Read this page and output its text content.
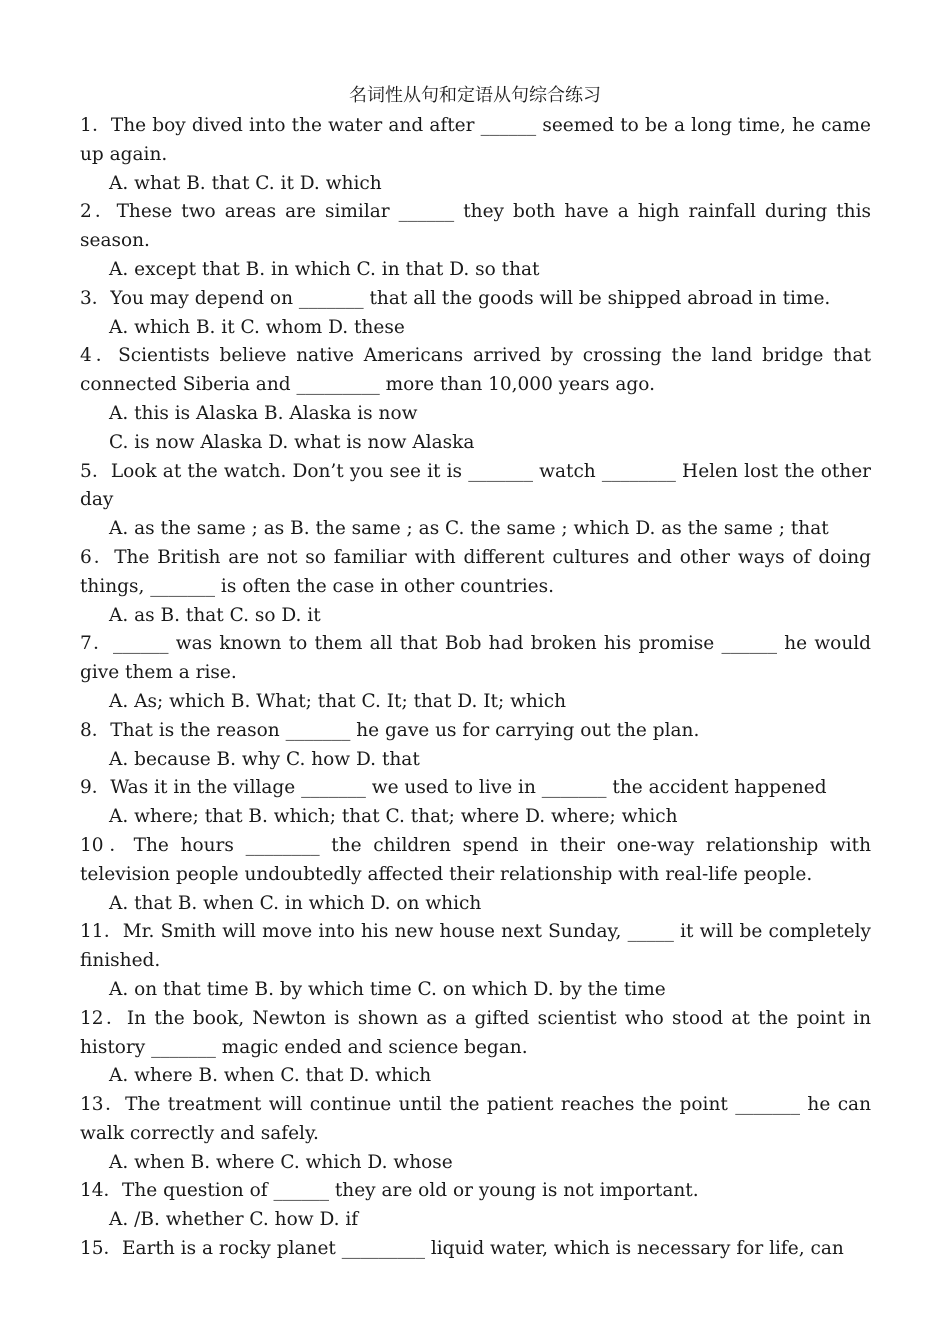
名词性从句和定语从句综合练习

1．The boy dived into the water and after ______ seemed to be a long time, he came up again.

A. what B. that C. it D. which

2．These two areas are similar ______ they both have a high rainfall during this season.

A. except that B. in which C. in that D. so that

3．You may depend on _______ that all the goods will be shipped abroad in time.

A. which B. it C. whom D. these

4．Scientists believe native Americans arrived by crossing the land bridge that connected Siberia and _________ more than 10,000 years ago.

A. this is Alaska B. Alaska is now

C. is now Alaska D. what is now Alaska

5．Look at the watch. Don’t you see it is _______ watch ________ Helen lost the other day

A. as the same ; as B. the same ; as C. the same ; which D. as the same ; that

6．The British are not so familiar with different cultures and other ways of doing things, _______ is often the case in other countries.

A. as B. that C. so D. it

7．______ was known to them all that Bob had broken his promise ______ he would give them a rise.

A. As; which B. What; that C. It; that D. It; which

8．That is the reason _______ he gave us for carrying out the plan.

A. because B. why C. how D. that

9．Was it in the village _______ we used to live in _______ the accident happened

A. where; that B. which; that C. that; where D. where; which

10．The hours ________ the children spend in their one-way relationship with television people undoubtedly affected their relationship with real-life people.

A. that B. when C. in which D. on which

11．Mr. Smith will move into his new house next Sunday, _____ it will be completely finished.

A. on that time B. by which time C. on which D. by the time

12．In the book, Newton is shown as a gifted scientist who stood at the point in history _______ magic ended and science began.

A. where B. when C. that D. which

13．The treatment will continue until the patient reaches the point _______ he can walk correctly and safely.

A. when B. where C. which D. whose

14．The question of ______ they are old or young is not important.

A. /B. whether C. how D. if

15．Earth is a rocky planet _________ liquid water, which is necessary for life, can
